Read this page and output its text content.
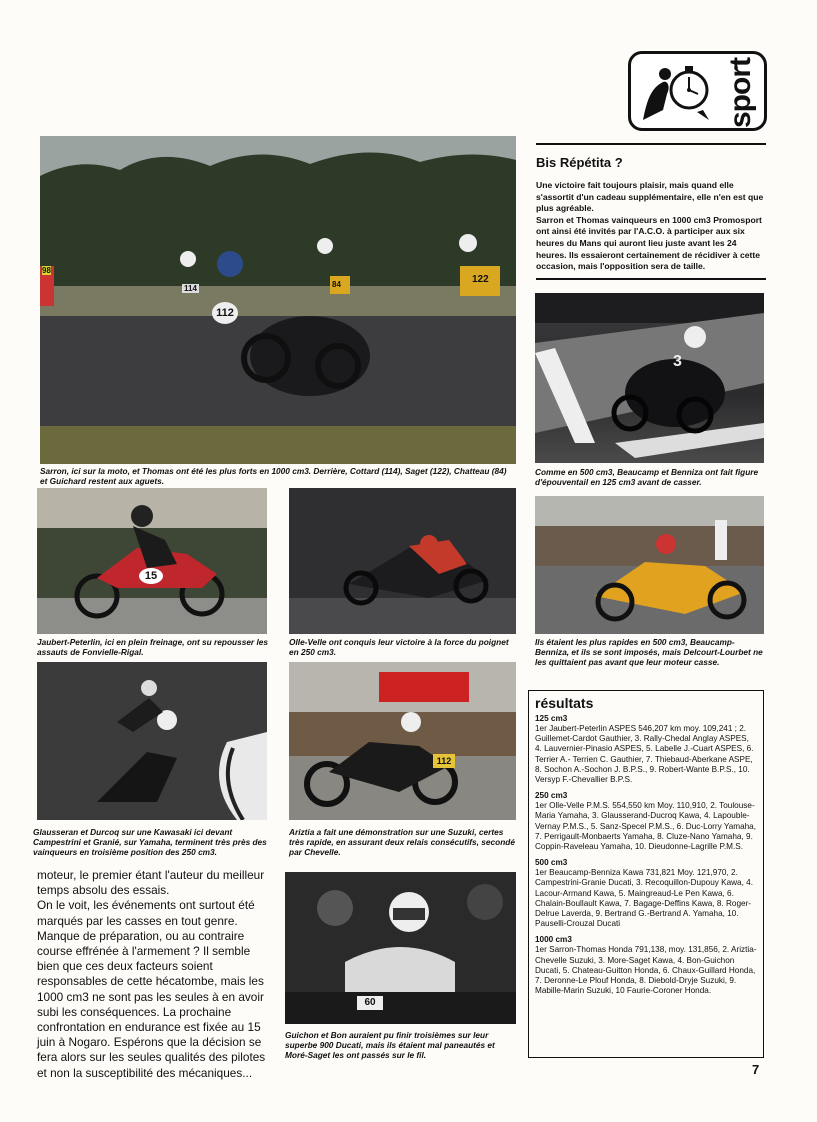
sport
112
114	84	122
98
Sarron, ici sur la moto, et Thomas ont été les plus forts en 1000 cm3. Derrière, Cottard (114), Saget (122), Chatteau (84) et Guichard restent aux aguets.
Bis Répétita ?

Une victoire fait toujours plaisir, mais quand elle s'assortit d'un cadeau supplémentaire, elle n'en est que plus agréable.

Sarron et Thomas vainqueurs en 1000 cm3 Promosport ont ainsi été invités par l'A.C.O. à participer aux six heures du Mans qui auront lieu juste avant les 24 heures. Ils essaieront certainement de récidiver à cette occasion, mais l'opposition sera de taille.

3
Comme en 500 cm3, Beaucamp et Benniza ont fait figure d'épouventail en 125 cm3 avant de casser.
15
Jaubert-Peterlin, ici en plein freinage, ont su repousser les assauts de Fonvielle-Rigal.
Olle-Velle ont conquis leur victoire à la force du poignet en 250 cm3.
Ils étaient les plus rapides en 500 cm3, Beaucamp-Benniza, et ils se sont imposés, mais Delcourt-Lourbet ne les quittaient pas avant que leur moteur casse.
Glausseran et Durcoq sur une Kawasaki ici devant Campestrini et Granié, sur Yamaha, terminent très près des vainqueurs en troisième position des 250 cm3.
112
Ariztia a fait une démonstration sur une Suzuki, certes très rapide, en assurant deux relais consécutifs, secondé par Chevelle.
60
Guichon et Bon auraient pu finir troisièmes sur leur superbe 900 Ducati, mais ils étaient mal paneautés et Moré-Saget les ont passés sur le fil.

moteur, le premier étant l'auteur du meilleur temps absolu des essais.

On le voit, les événements ont surtout été marqués par les casses en tout genre. Manque de préparation, ou au contraire course effrénée à l'armement ? Il semble bien que ces deux facteurs soient responsables de cette hécatombe, mais les 1000 cm3 ne sont pas les seules à en avoir subi les conséquences. La prochaine confrontation en endurance est fixée au 15 juin à Nogaro. Espérons que la décision se fera alors sur les seules qualités des pilotes et non la susceptibilité des mécaniques...

résultats
125 cm3
1er Jaubert-Peterlin ASPES 546,207 km moy. 109,241 ; 2. Guillemet-Cardot Gauthier, 3. Rally-Chedal Anglay ASPES, 4. Lauvernier-Pinasio ASPES, 5. Labelle J.-Cuart ASPES, 6. Terrier A.- Terrien C. Gauthier, 7. Thiebaud-Aberkane ASPE, 8. Sochon A.-Sochon J. B.P.S., 9. Robert-Wante B.P.S., 10. Versyp F.-Chevallier B.P.S.
250 cm3
1er Olle-Velle P.M.S. 554,550 km Moy. 110,910, 2. Toulouse-Maria Yamaha, 3. Glausserand-Ducroq Kawa, 4. Lapouble-Vernay P.M.S., 5. Sanz-Specel P.M.S., 6. Duc-Lorry Yamaha, 7. Perrigault-Monbaerts Yamaha, 8. Cluze-Nano Yamaha, 9. Coppin-Raveleau Yamaha, 10. Dieudonne-Lagrille P.M.S.
500 cm3
1er Beaucamp-Benniza Kawa 731,821 Moy. 121,970, 2. Campestrini-Granie Ducati, 3. Recoquillon-Dupouy Kawa, 4. Lacour-Armand Kawa, 5. Maingreaud-Le Pen Kawa, 6. Chalain-Boullault Kawa, 7. Bagage-Deffins Kawa, 8. Roger-Delrue Laverda, 9. Bertrand G.-Bertrand A. Yamaha, 10. Pauselli-Crouzal Ducati
1000 cm3
1er Sarron-Thomas Honda 791,138, moy. 131,856, 2. Ariztia-Chevelle Suzuki, 3. More-Saget Kawa, 4. Bon-Guichon Ducati, 5. Chateau-Guitton Honda, 6. Chaux-Guillard Honda, 7. Deronne-Le Plouf Honda, 8. Diebold-Dryje Suzuki, 9. Mabille-Marin Suzuki, 10 Faurie-Coroner Honda.
7
